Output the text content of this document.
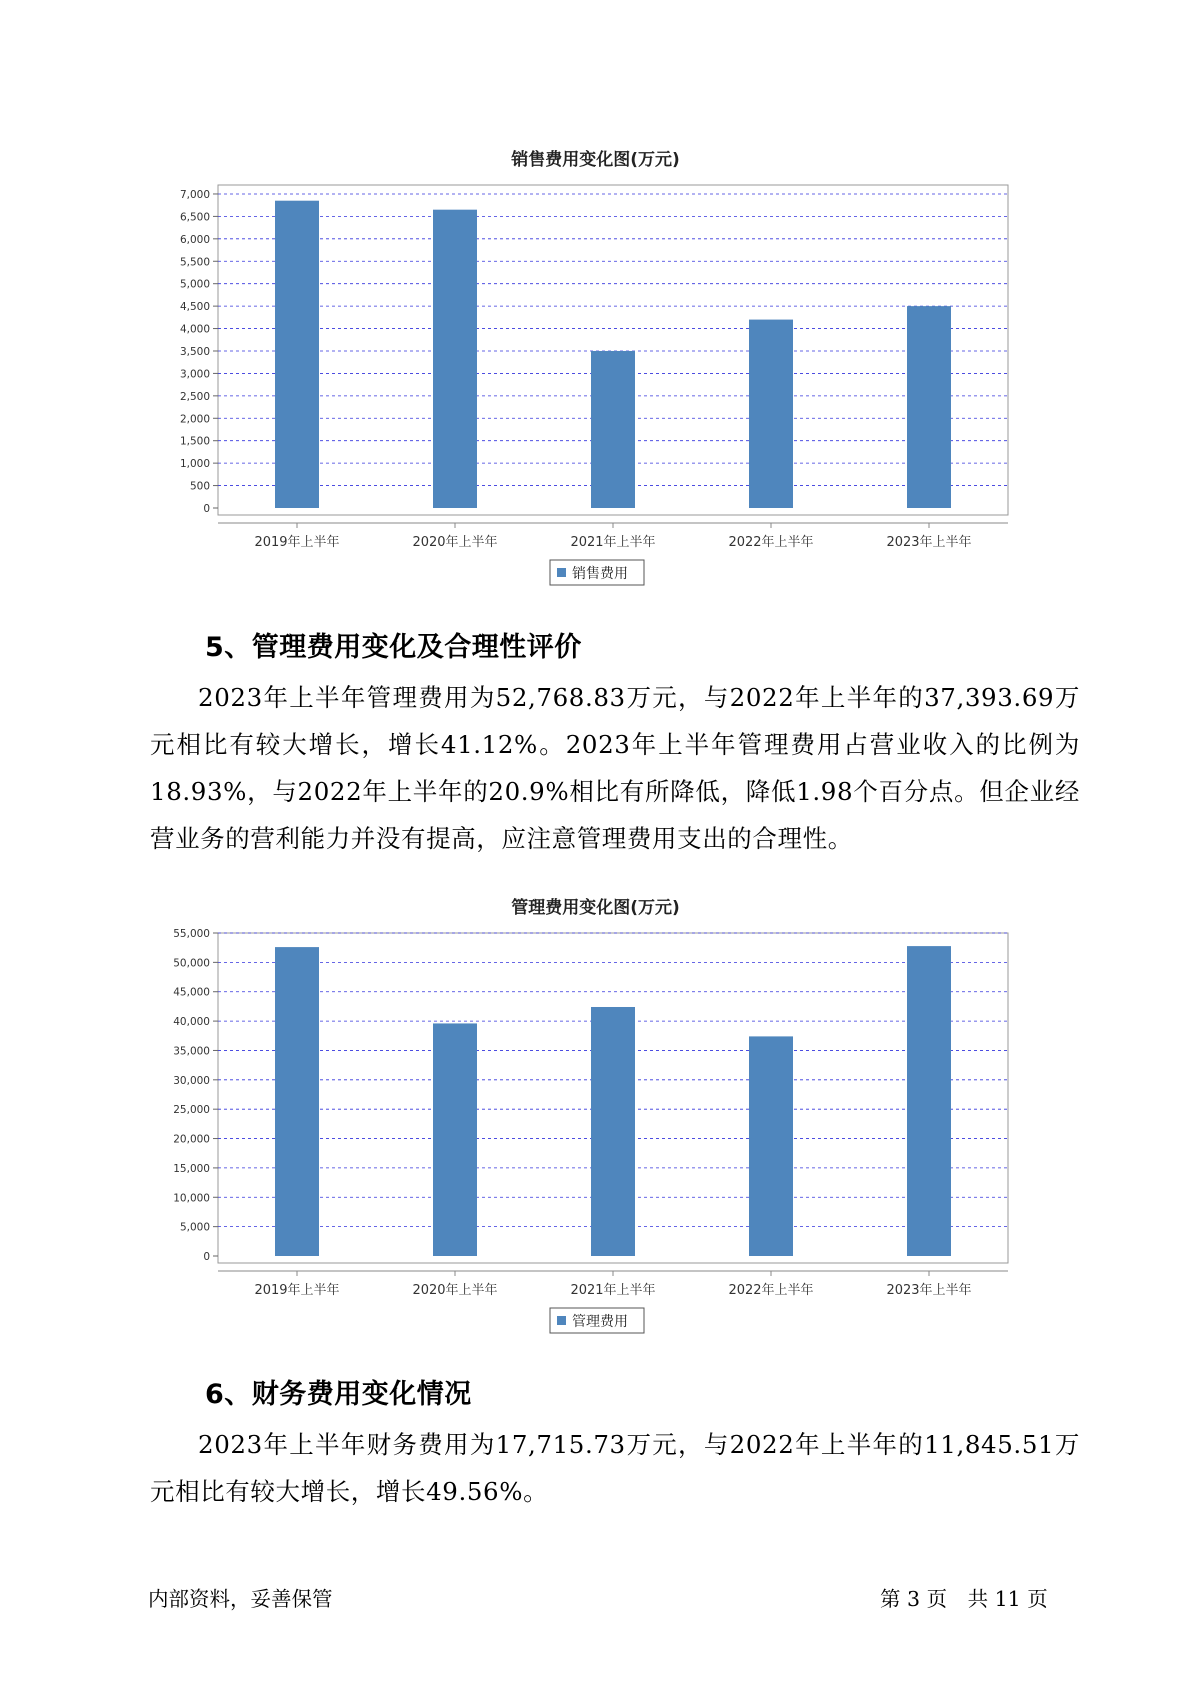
销售费用变化图(万元)
0
500
1,000
1,500
2,000
2,500
3,000
3,500
4,000
4,500
5,000
5,500
6,000
6,500
7,000
2019年上半年	2020年上半年	2021年上半年	2022年上半年	2023年上半年
销售费用
5、管理费用变化及合理性评价

2023年上半年管理费用为52,768.83万元，与2022年上半年的37,393.69万元相比有较大增长，增长41.12%。2023年上半年管理费用占营业收入的比例为18.93%，与2022年上半年的20.9%相比有所降低，降低1.98个百分点。但企业经营业务的营利能力并没有提高，应注意管理费用支出的合理性。

管理费用变化图(万元)
0
5,000
10,000
15,000
20,000
25,000
30,000
35,000
40,000
45,000
50,000
55,000
2019年上半年	2020年上半年	2021年上半年	2022年上半年	2023年上半年
管理费用
6、财务费用变化情况

2023年上半年财务费用为17,715.73万元，与2022年上半年的11,845.51万元相比有较大增长，增长49.56%。

内部资料，妥善保管	第 3 页　共 11 页
